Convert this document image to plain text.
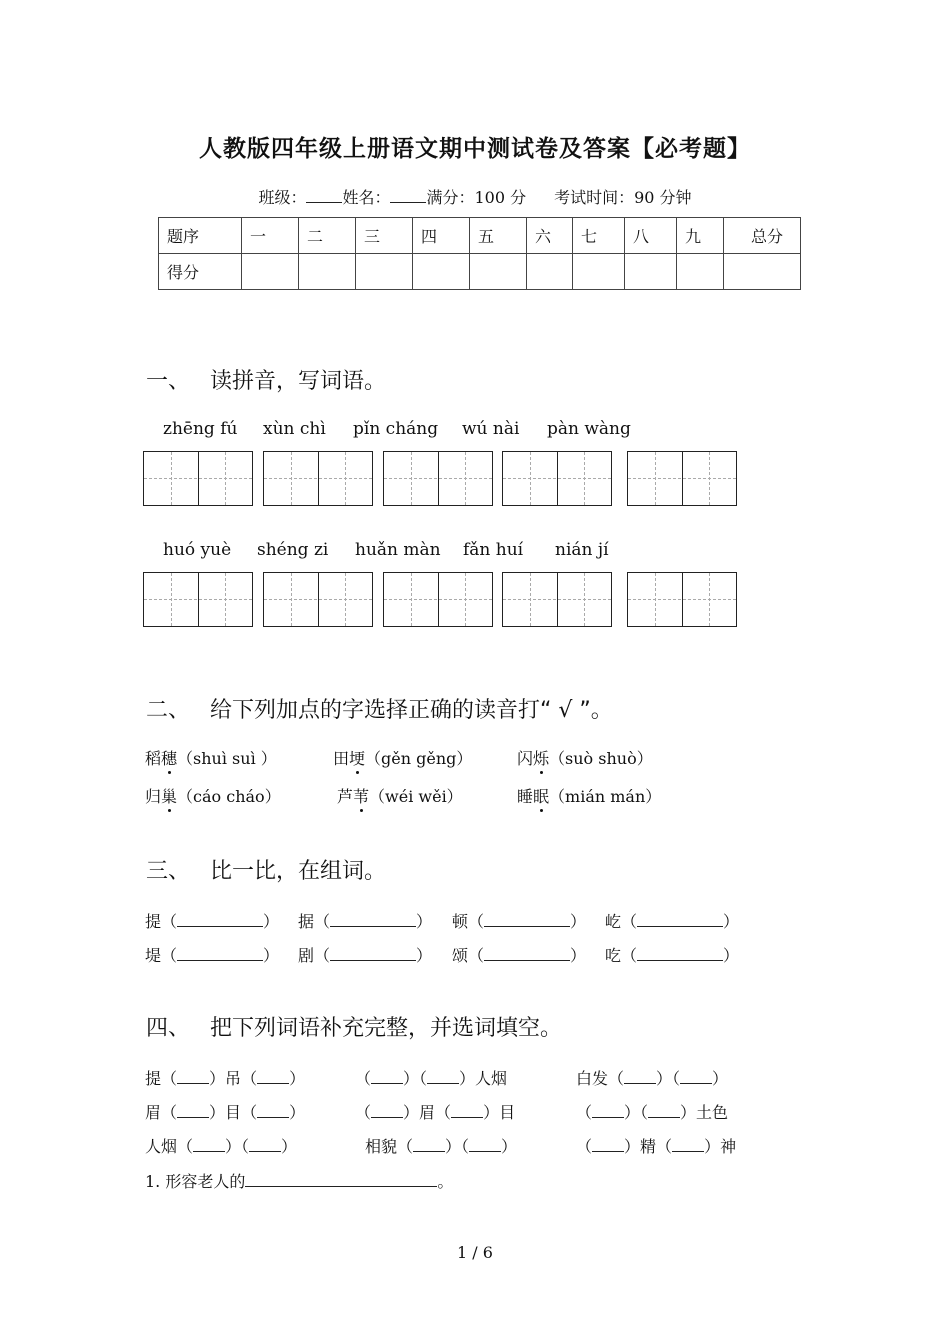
人教版四年级上册语文期中测试卷及答案【必考题】
班级： 姓名： 满分：100 分 考试时间：90 分钟
题序	一	二	三	四	五	六	七	八	九	总分
得分										
一、 读拼音，写词语。
zhēng fú xùn chì pǐn cháng wú nài pàn wàng
huó yuè shéng zi huǎn màn fǎn huí nián jí
二、 给下列加点的字选择正确的读音打“ √ ”。
稻穗（shuì suì ）	田埂（gěn gěng）	闪烁（suò shuò）
归巢（cáo cháo）	芦苇（wéi wěi）	睡眠（mián mán）
三、 比一比，在组词。
提（	） 据（	） 顿（	） 屹（	）
堤（	） 剧（	） 颂（	） 吃（	）
四、 把下列词语补充完整，并选词填空。
提（ ）吊（ ）	（ ）（ ）人烟	白发（ ）（ ）
眉（ ）目（ ）	（ ）眉（ ）目	（ ）（ ）土色
人烟（ ）（ ）	相貌（ ）（ ）	（ ）精（ ）神
1. 形容老人的	。
1 / 6
